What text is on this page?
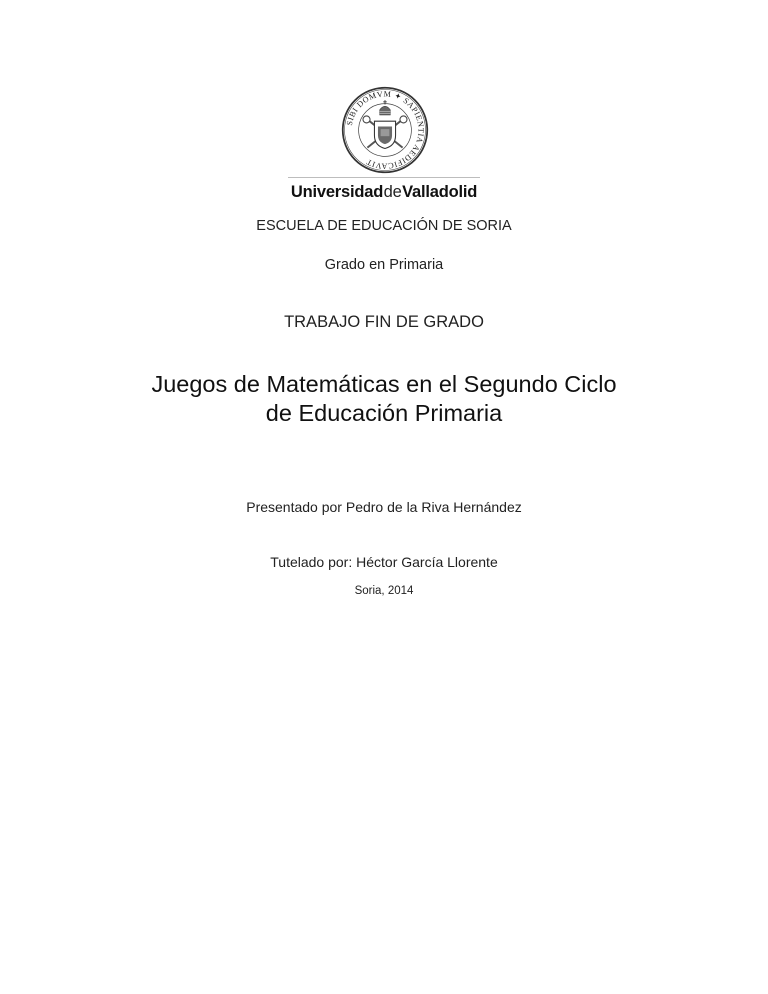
SIBI DOMVM ✦ SAPIENTIA AEDIFICAVIT
UniversidaddeValladolid
ESCUELA DE EDUCACIÓN DE SORIA
Grado en Primaria
TRABAJO FIN DE GRADO
Juegos de Matemáticas en el Segundo Ciclo
de Educación Primaria
Presentado por Pedro de la Riva Hernández
Tutelado por: Héctor García Llorente
Soria, 2014
